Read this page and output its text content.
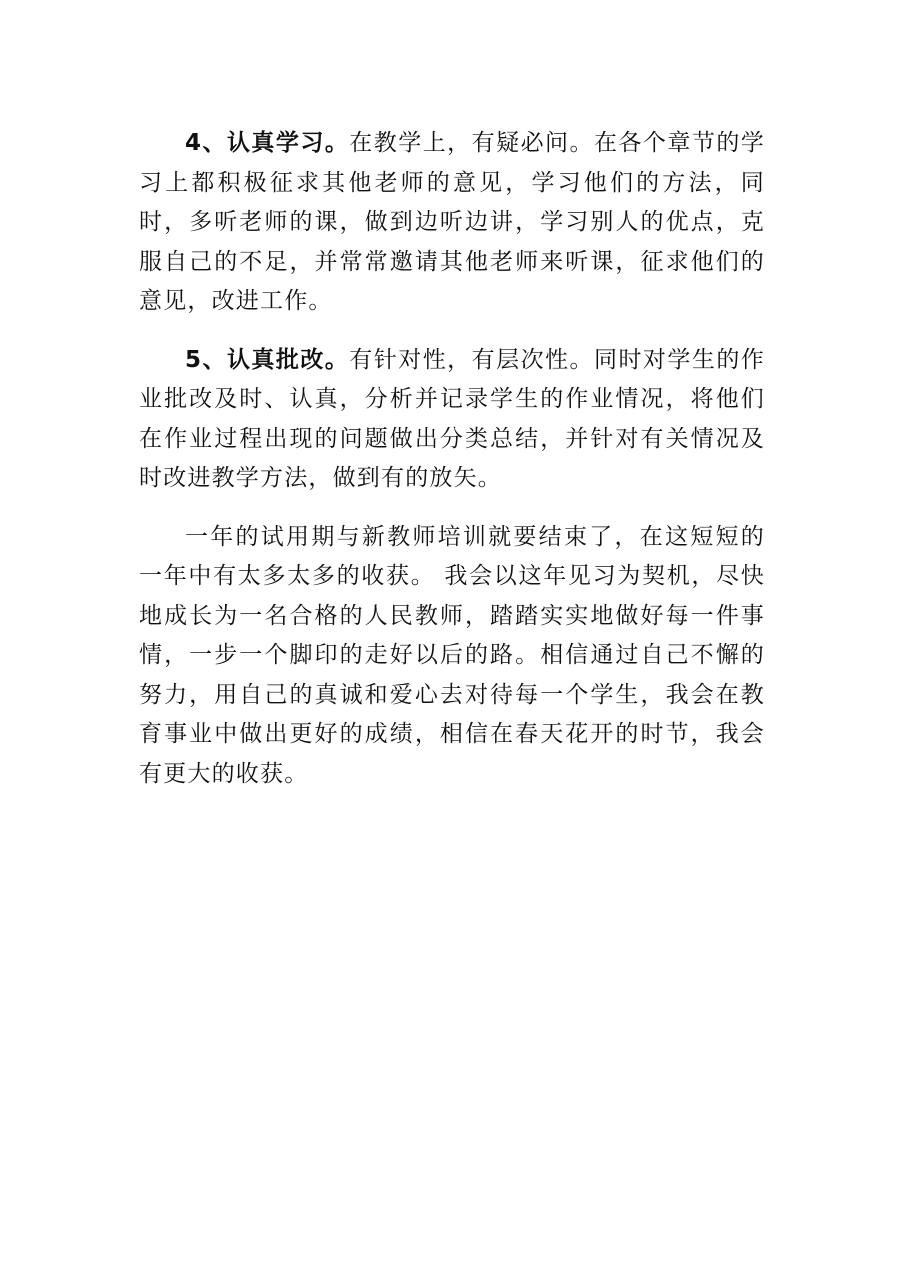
4、认真学习。在教学上，有疑必问。在各个章节的学习上都积极征求其他老师的意见，学习他们的方法，同时，多听老师的课，做到边听边讲，学习别人的优点，克服自己的不足，并常常邀请其他老师来听课，征求他们的意见，改进工作。

5、认真批改。有针对性，有层次性。同时对学生的作业批改及时、认真，分析并记录学生的作业情况，将他们在作业过程出现的问题做出分类总结，并针对有关情况及时改进教学方法，做到有的放矢。

一年的试用期与新教师培训就要结束了，在这短短的一年中有太多太多的收获。 我会以这年见习为契机，尽快地成长为一名合格的人民教师，踏踏实实地做好每一件事情，一步一个脚印的走好以后的路。相信通过自己不懈的努力，用自己的真诚和爱心去对待每一个学生，我会在教育事业中做出更好的成绩，相信在春天花开的时节，我会有更大的收获。
